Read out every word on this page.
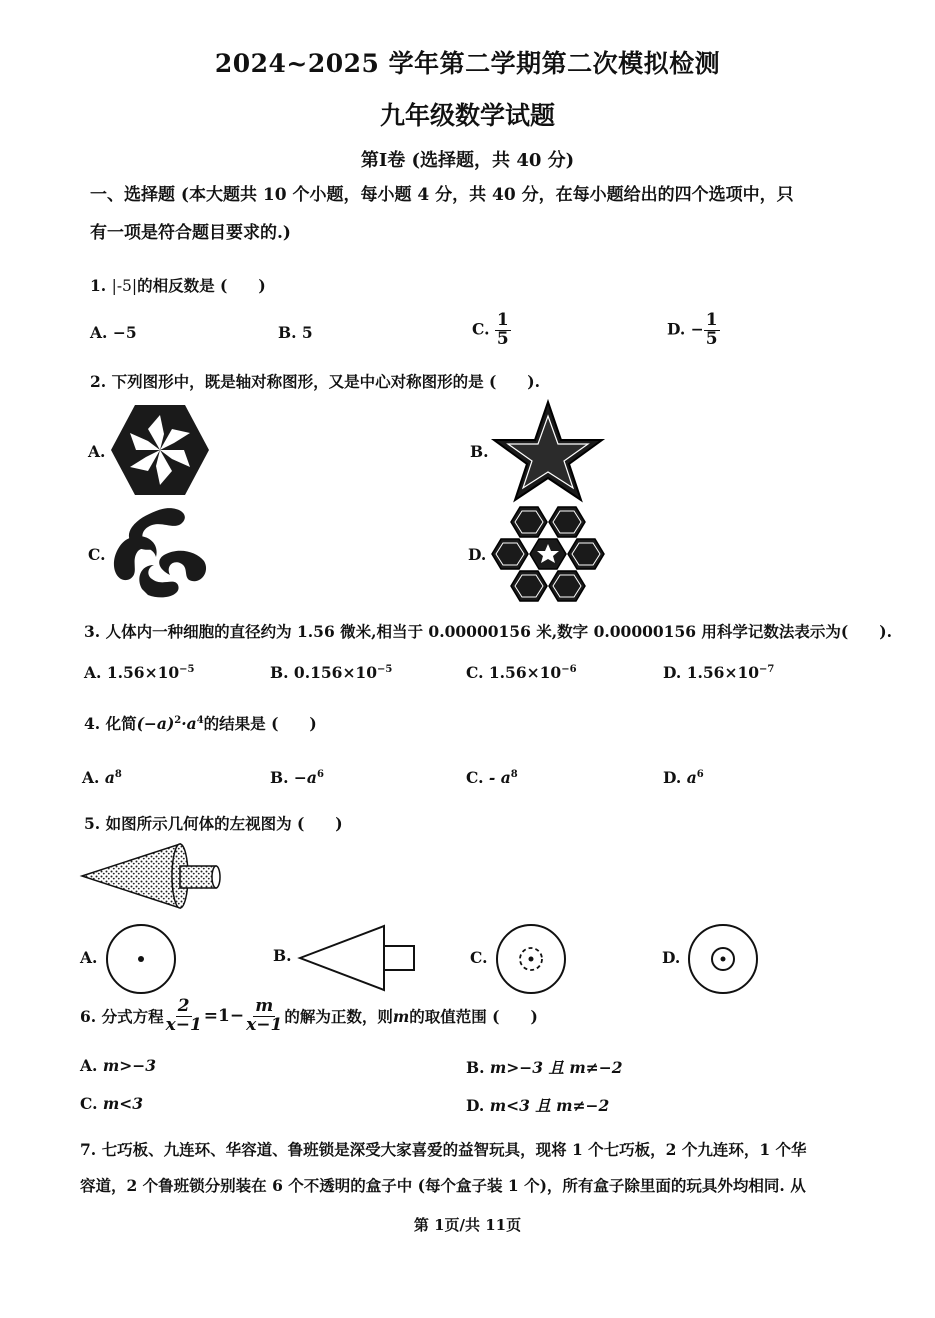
2024~2025 学年第二学期第二次模拟检测
九年级数学试题
第Ⅰ卷 (选择题，共 40 分)
一、选择题 (本大题共 10 个小题，每小题 4 分，共 40 分，在每小题给出的四个选项中，只
有一项是符合题目要求的.)
1. |-5|的相反数是 (　　)
A. −5	B. 5	C. $\frac{1}{5}$	D. − $\frac{1}{5}$
2. 下列图形中，既是轴对称图形，又是中心对称图形的是 (　　).
A.	B.
C.	D.
3. 人体内一种细胞的直径约为 1.56 微米,相当于 0.00000156 米,数字 0.00000156 用科学记数法表示为(　　).
A. $1.56\times 10^{-5}$	B. $0.156\times 10^{-5}$	C. $1.56\times 10^{-6}$	D. $1.56\times 10^{-7}$
4. 化简$(-a)^2\cdot a^4$的结果是 (　　)
A. $a^8$	B. $-a^6$	C. - $a^8$	D. $a^6$
5. 如图所示几何体的左视图为 (　　)
A.	B.	C.	D.
6. 分式方程 $\frac{2}{x-1} =1- \frac{m}{x-1}$ 的解为正数，则 m 的取值范围 (　　)
A. m>−3	B. m>−3 且 m≠−2
C. m<3	D. m<3 且 m≠−2
7. 七巧板、九连环、华容道、鲁班锁是深受大家喜爱的益智玩具，现将 1 个七巧板，2 个九连环，1 个华
容道，2 个鲁班锁分别装在 6 个不透明的盒子中 (每个盒子装 1 个)，所有盒子除里面的玩具外均相同. 从
第 1页/共 11页
